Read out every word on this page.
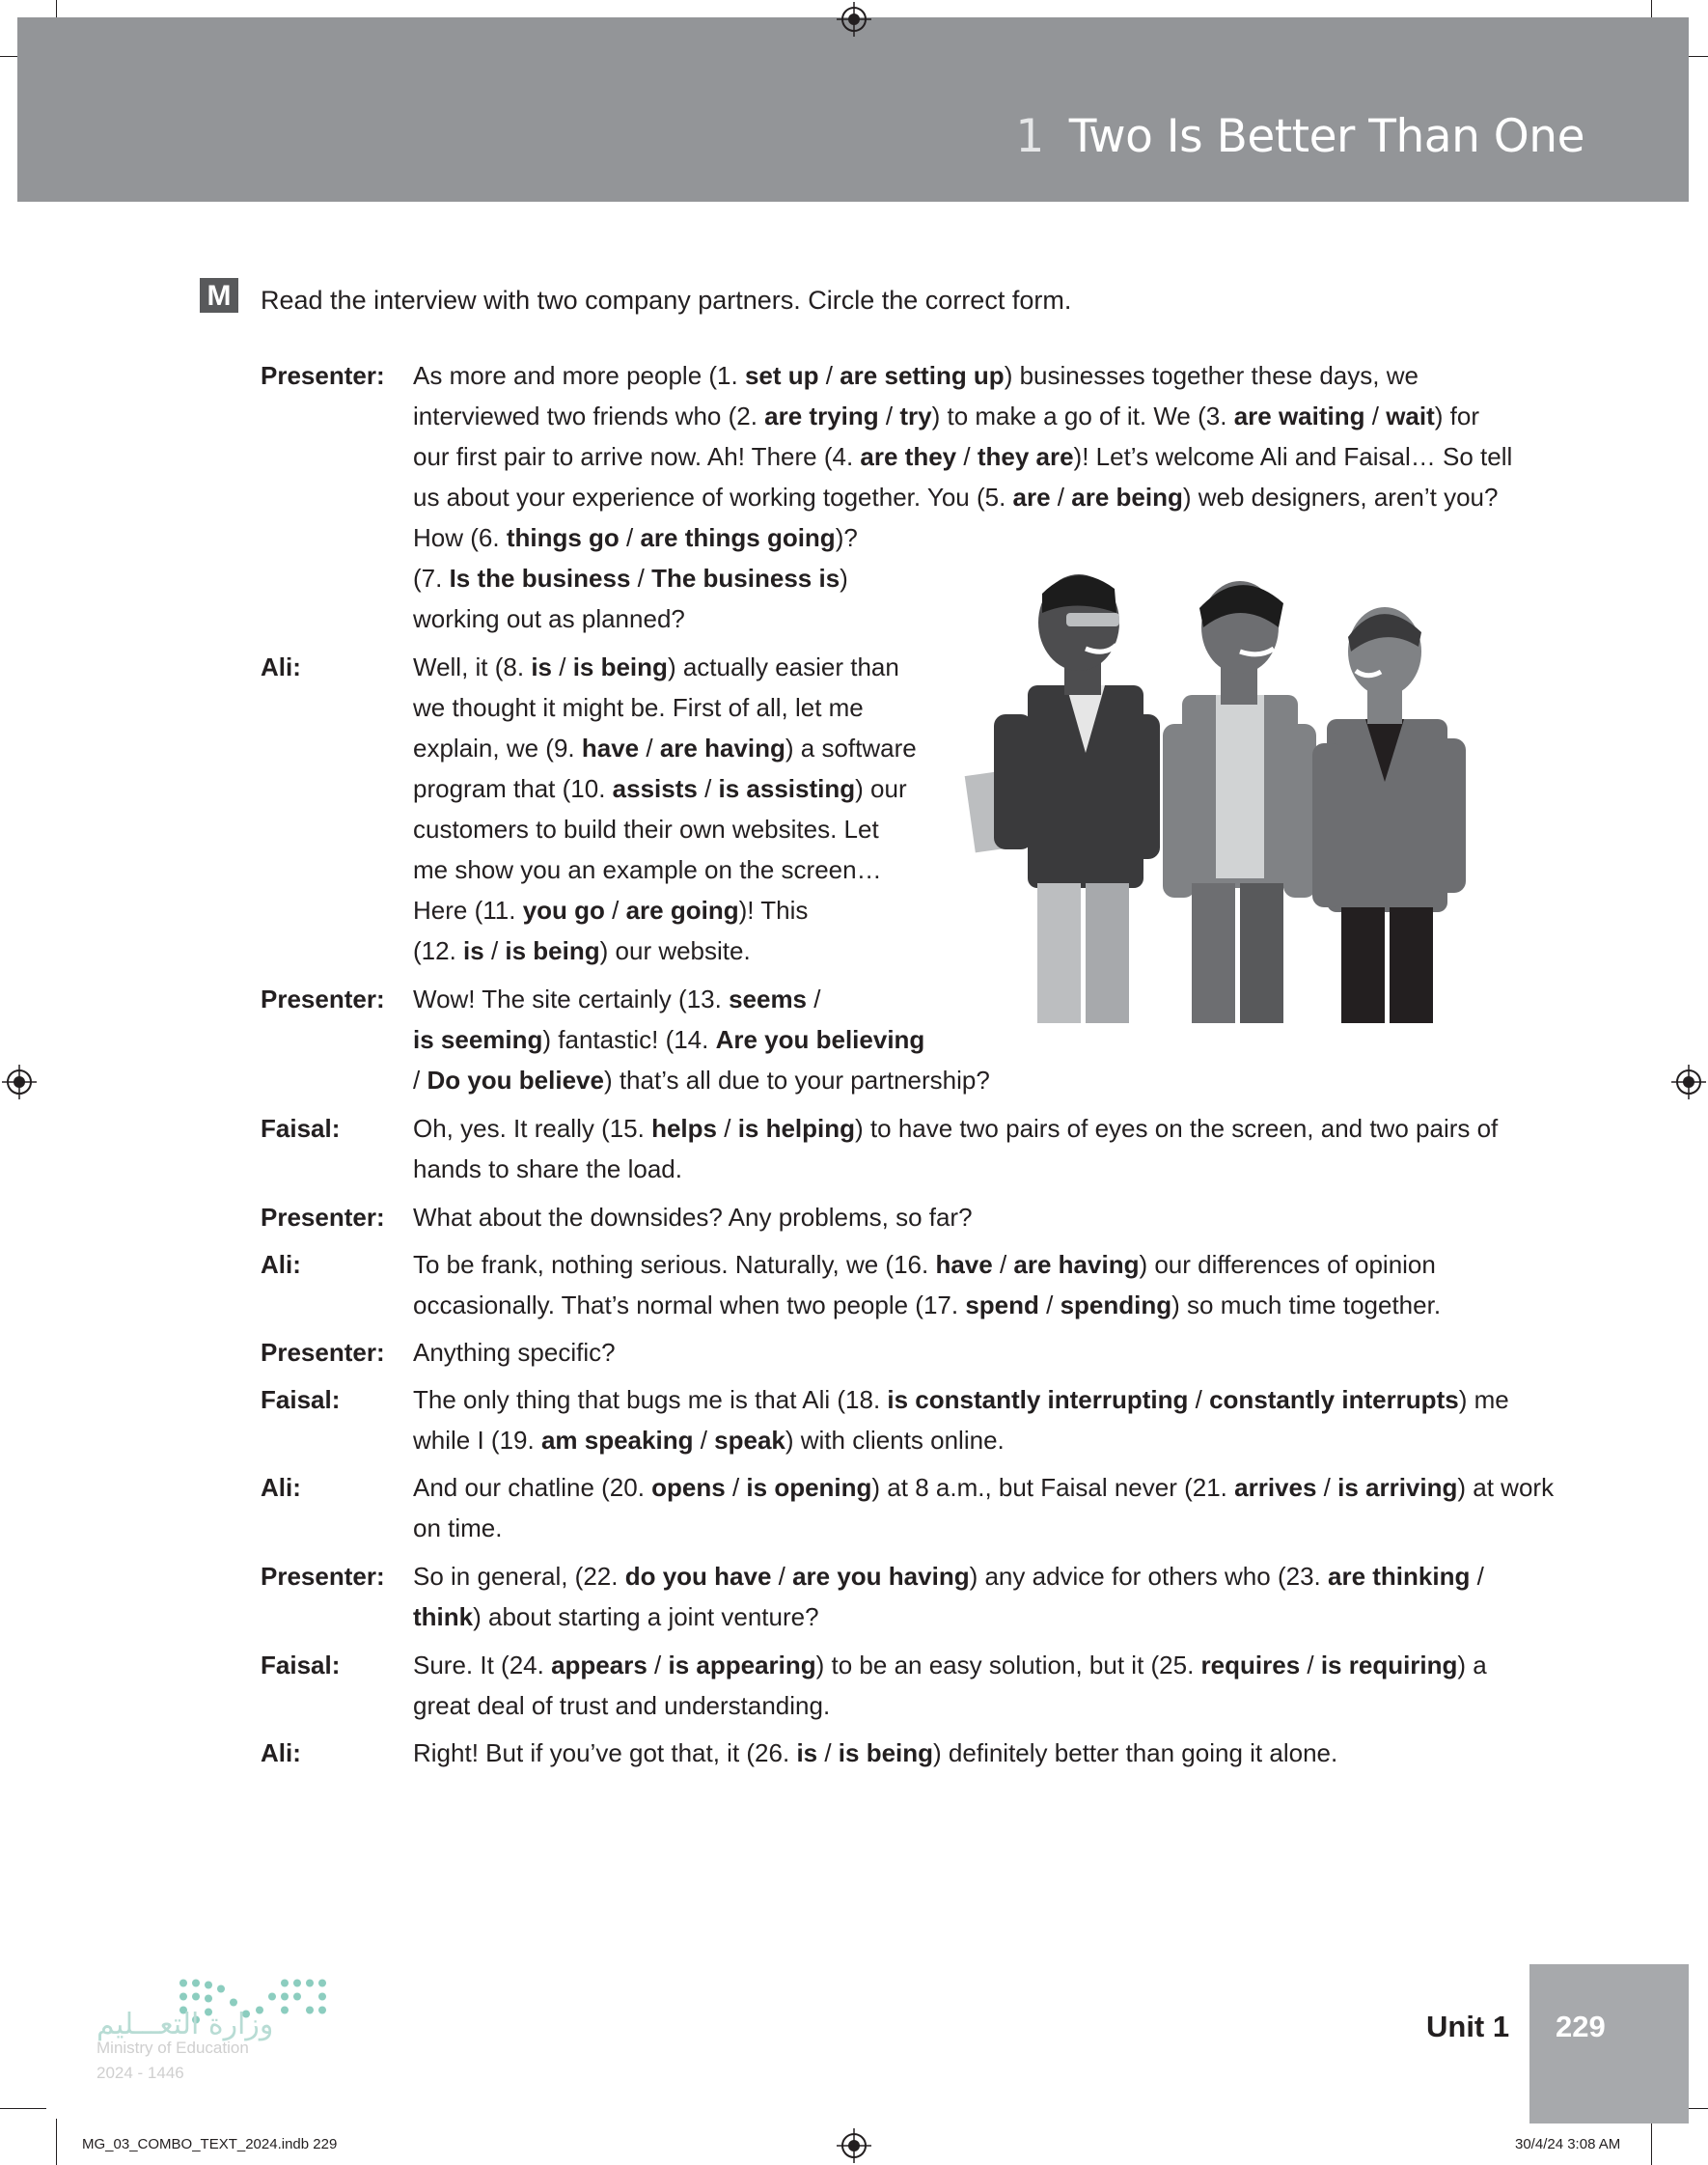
1 Two Is Better Than One
M Read the interview with two company partners. Circle the correct form.
Presenter: As more and more people (1. set up / are setting up) businesses together these days, we
interviewed two friends who (2. are trying / try) to make a go of it. We (3. are waiting / wait) for
our first pair to arrive now. Ah! There (4. are they / they are)! Let’s welcome Ali and Faisal… So tell
us about your experience of working together. You (5. are / are being) web designers, aren’t you?
How (6. things go / are things going)?
(7. Is the business / The business is)
working out as planned?
Ali:	Well, it (8. is / is being) actually easier than
we thought it might be. First of all, let me
explain, we (9. have / are having) a software
program that (10. assists / is assisting) our
customers to build their own websites. Let
me show you an example on the screen…
Here (11. you go / are going)! This
(12. is / is being) our website.
Presenter: Wow! The site certainly (13. seems /
is seeming) fantastic! (14. Are you believing
/ Do you believe) that’s all due to your partnership?
Faisal:	Oh, yes. It really (15. helps / is helping) to have two pairs of eyes on the screen, and two pairs of
hands to share the load.
Presenter: What about the downsides? Any problems, so far?
Ali:	To be frank, nothing serious. Naturally, we (16. have / are having) our differences of opinion
occasionally. That’s normal when two people (17. spend / spending) so much time together.
Presenter: Anything specific?
Faisal:	The only thing that bugs me is that Ali (18. is constantly interrupting / constantly interrupts) me
while I (19. am speaking / speak) with clients online.
Ali:	And our chatline (20. opens / is opening) at 8 a.m., but Faisal never (21. arrives / is arriving) at work
on time.
Presenter: So in general, (22. do you have / are you having) any advice for others who (23. are thinking /
think) about starting a joint venture?
Faisal:	Sure. It (24. appears / is appearing) to be an easy solution, but it (25. requires / is requiring) a
great deal of trust and understanding.
Ali:	Right! But if you’ve got that, it (26. is / is being) definitely better than going it alone.
وزارة التعـــليم
Ministry of Education
2024 - 1446
Unit 1 229
MG_03_COMBO_TEXT_2024.indb 229	30/4/24 3:08 AM
